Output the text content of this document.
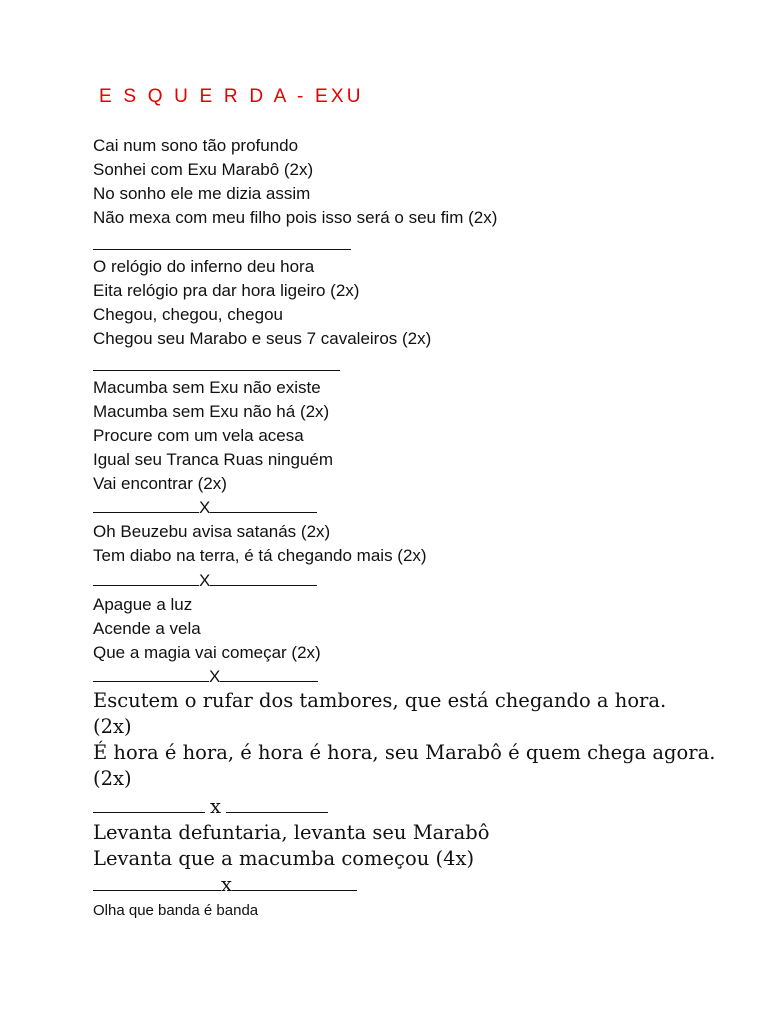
E S Q U E R D A - EXU
Cai num sono tão profundo
Sonhei com Exu Marabô (2x)
No sonho ele me dizia assim
Não mexa com meu filho pois isso será o seu fim (2x)
O relógio do inferno deu hora
Eita relógio pra dar hora ligeiro (2x)
Chegou, chegou, chegou
Chegou seu Marabo e seus 7 cavaleiros (2x)
Macumba sem Exu não existe
Macumba sem Exu não há (2x)
Procure com um vela acesa
Igual seu Tranca Ruas ninguém
Vai encontrar (2x)
X
Oh Beuzebu avisa satanás (2x)
Tem diabo na terra, é tá chegando mais (2x)
X
Apague a luz
Acende a vela
Que a magia vai começar (2x)
X
Escutem o rufar dos tambores, que está chegando a hora.
(2x)
É hora é hora, é hora é hora, seu Marabô é quem chega agora.
(2x)
x
Levanta defuntaria, levanta seu Marabô
Levanta que a macumba começou (4x)
x
Olha que banda é banda
